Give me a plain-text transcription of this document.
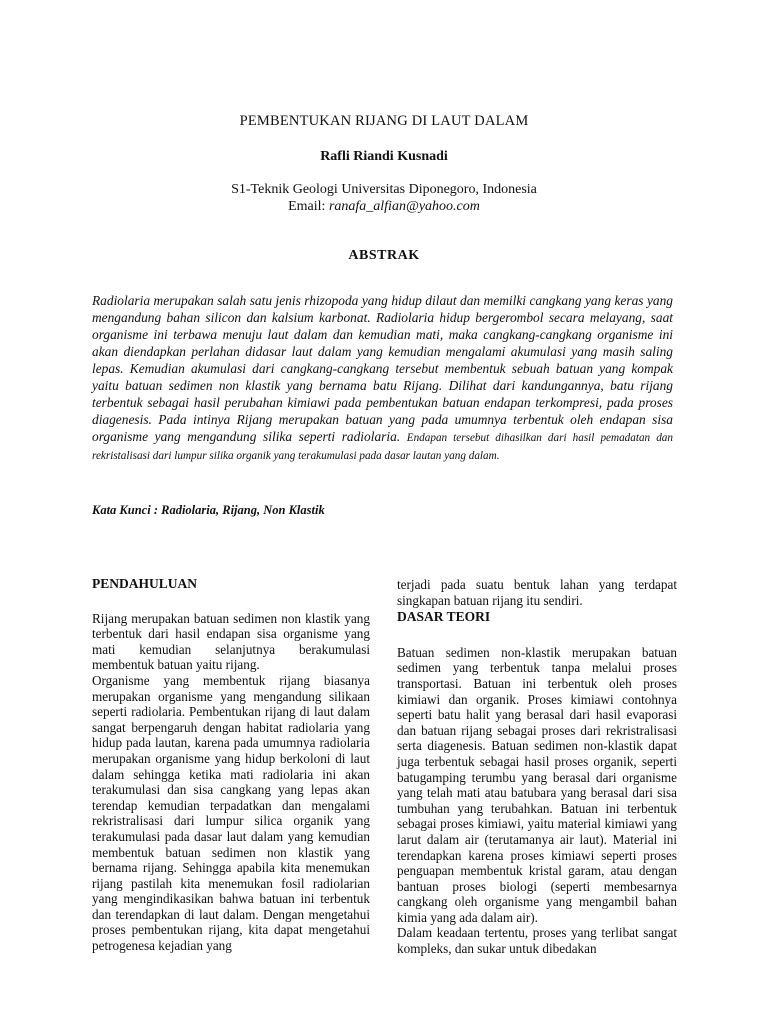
PEMBENTUKAN RIJANG DI LAUT DALAM
Rafli Riandi Kusnadi
S1-Teknik Geologi Universitas Diponegoro, Indonesia
Email: ranafa_alfian@yahoo.com
ABSTRAK
Radiolaria merupakan salah satu jenis rhizopoda yang hidup dilaut dan memilki cangkang yang keras yang mengandung bahan silicon dan kalsium karbonat. Radiolaria hidup bergerombol secara melayang, saat organisme ini terbawa menuju laut dalam dan kemudian mati, maka cangkang-cangkang organisme ini akan diendapkan perlahan didasar laut dalam yang kemudian mengalami akumulasi yang masih saling lepas. Kemudian akumulasi dari cangkang-cangkang tersebut membentuk sebuah batuan yang kompak yaitu batuan sedimen non klastik yang bernama batu Rijang. Dilihat dari kandungannya, batu rijang terbentuk sebagai hasil perubahan kimiawi pada pembentukan batuan endapan terkompresi, pada proses diagenesis. Pada intinya Rijang merupakan batuan yang pada umumnya terbentuk oleh endapan sisa organisme yang mengandung silika seperti radiolaria. Endapan tersebut dihasilkan dari hasil pemadatan dan rekristalisasi dari lumpur silika organik yang terakumulasi pada dasar lautan yang dalam.
Kata Kunci : Radiolaria, Rijang, Non Klastik
PENDAHULUAN

Rijang merupakan batuan sedimen non klastik yang terbentuk dari hasil endapan sisa organisme yang mati kemudian selanjutnya berakumulasi membentuk batuan yaitu rijang.

Organisme yang membentuk rijang biasanya merupakan organisme yang mengandung silikaan seperti radiolaria. Pembentukan rijang di laut dalam sangat berpengaruh dengan habitat radiolaria yang hidup pada lautan, karena pada umumnya radiolaria merupakan organisme yang hidup berkoloni di laut dalam sehingga ketika mati radiolaria ini akan terakumulasi dan sisa cangkang yang lepas akan terendap kemudian terpadatkan dan mengalami rekristralisasi dari lumpur silica organik yang terakumulasi pada dasar laut dalam yang kemudian membentuk batuan sedimen non klastik yang bernama rijang. Sehingga apabila kita menemukan rijang pastilah kita menemukan fosil radiolarian yang mengindikasikan bahwa batuan ini terbentuk dan terendapkan di laut dalam. Dengan mengetahui proses pembentukan rijang, kita dapat mengetahui petrogenesa kejadian yang

terjadi pada suatu bentuk lahan yang terdapat singkapan batuan rijang itu sendiri.

DASAR TEORI

Batuan sedimen non-klastik merupakan batuan sedimen yang terbentuk tanpa melalui proses transportasi. Batuan ini terbentuk oleh proses kimiawi dan organik. Proses kimiawi contohnya seperti batu halit yang berasal dari hasil evaporasi dan batuan rijang sebagai proses dari rekristralisasi serta diagenesis. Batuan sedimen non-klastik dapat juga terbentuk sebagai hasil proses organik, seperti batugamping terumbu yang berasal dari organisme yang telah mati atau batubara yang berasal dari sisa tumbuhan yang terubahkan. Batuan ini terbentuk sebagai proses kimiawi, yaitu material kimiawi yang larut dalam air (terutamanya air laut). Material ini terendapkan karena proses kimiawi seperti proses penguapan membentuk kristal garam, atau dengan bantuan proses biologi (seperti membesarnya cangkang oleh organisme yang mengambil bahan kimia yang ada dalam air).

Dalam keadaan tertentu, proses yang terlibat sangat kompleks, dan sukar untuk dibedakan
